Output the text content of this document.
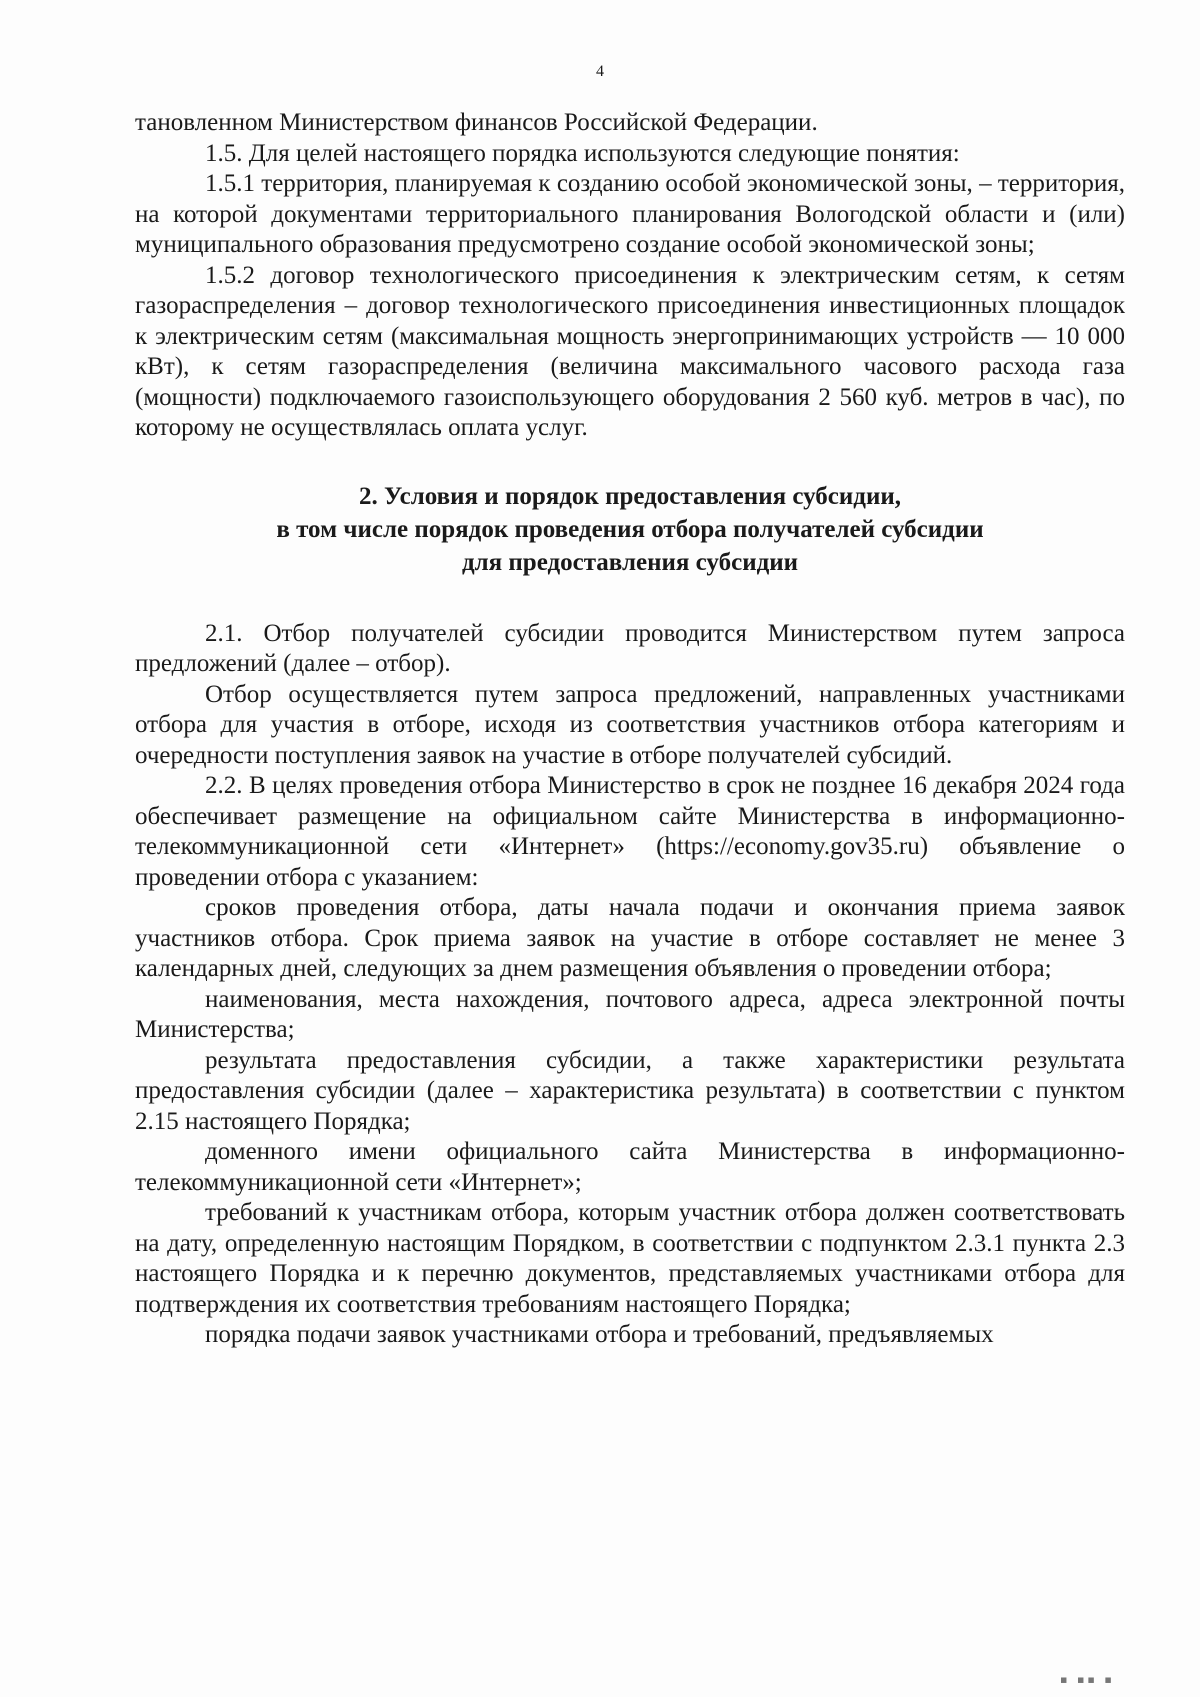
4

тановленном Министерством финансов Российской Федерации.

1.5. Для целей настоящего порядка используются следующие понятия:

1.5.1 территория, планируемая к созданию особой экономической зоны, – территория, на которой документами территориального планирования Вологодской области и (или) муниципального образования предусмотрено создание особой экономической зоны;

1.5.2 договор технологического присоединения к электрическим сетям, к сетям газораспределения – договор технологического присоединения инвестиционных площадок к электрическим сетям (максимальная мощность энергопринимающих устройств — 10 000 кВт), к сетям газораспределения (величина максимального часового расхода газа (мощности) подключаемого газоиспользующего оборудования 2 560 куб. метров в час), по которому не осуществлялась оплата услуг.

2. Условия и порядок предоставления субсидии,
в том числе порядок проведения отбора получателей субсидии
для предоставления субсидии

2.1. Отбор получателей субсидии проводится Министерством путем запроса предложений (далее – отбор).

Отбор осуществляется путем запроса предложений, направленных участниками отбора для участия в отборе, исходя из соответствия участников отбора категориям и очередности поступления заявок на участие в отборе получателей субсидий.

2.2. В целях проведения отбора Министерство в срок не позднее 16 декабря 2024 года обеспечивает размещение на официальном сайте Министерства в информационно-телекоммуникационной сети «Интернет» (https://economy.gov35.ru) объявление о проведении отбора с указанием:

сроков проведения отбора, даты начала подачи и окончания приема заявок участников отбора. Срок приема заявок на участие в отборе составляет не менее 3 календарных дней, следующих за днем размещения объявления о проведении отбора;

наименования, места нахождения, почтового адреса, адреса электронной почты Министерства;

результата предоставления субсидии, а также характеристики результата предоставления субсидии (далее – характеристика результата) в соответствии с пунктом 2.15 настоящего Порядка;

доменного имени официального сайта Министерства в информационно-телекоммуникационной сети «Интернет»;

требований к участникам отбора, которым участник отбора должен соответствовать на дату, определенную настоящим Порядком, в соответствии с подпунктом 2.3.1 пункта 2.3 настоящего Порядка и к перечню документов, представляемых участниками отбора для подтверждения их соответствия требованиям настоящего Порядка;

порядка подачи заявок участниками отбора и требований, предъявляемых

▪ ▪▪ ▪
